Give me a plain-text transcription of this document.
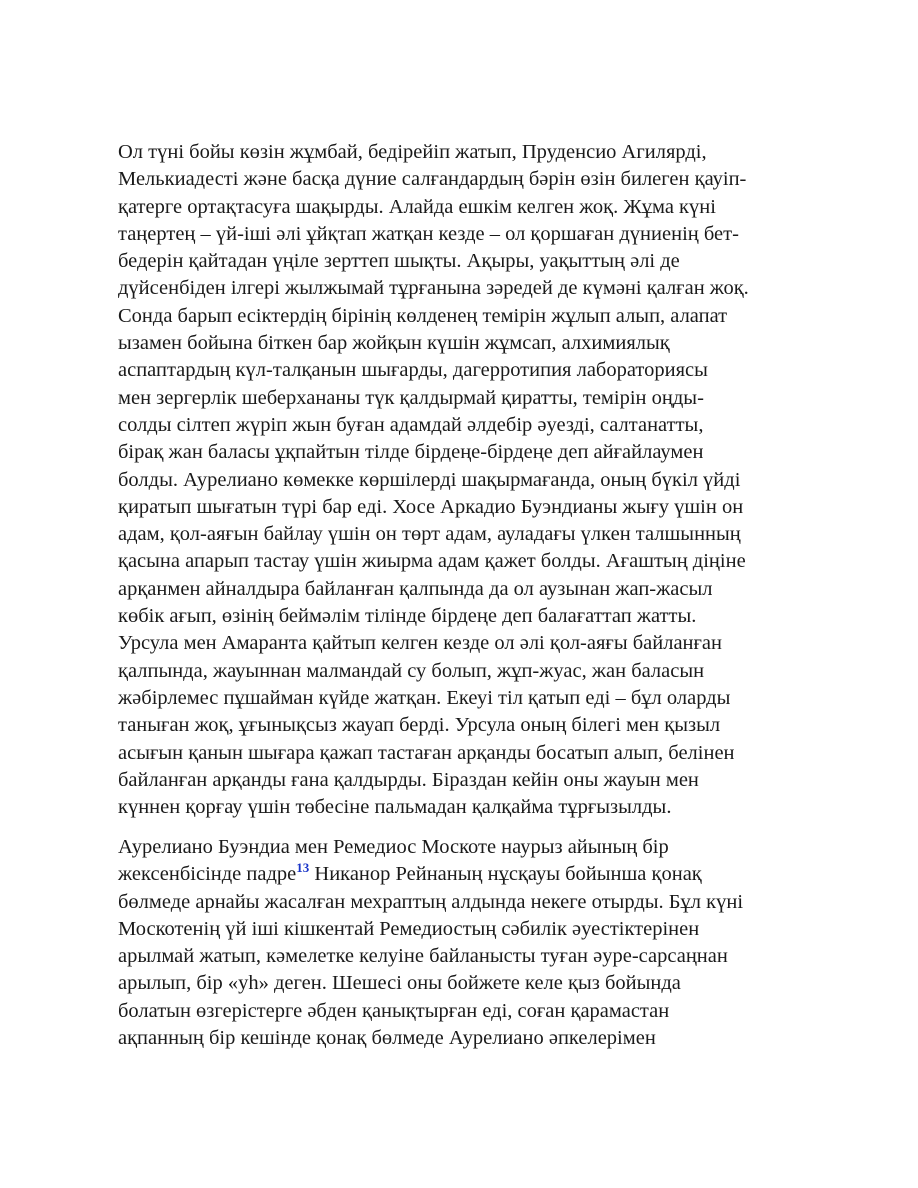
Ол түні бойы көзін жұмбай, бедірейіп жатып, Пруденсио Агилярді,
Мелькиадесті және басқа дүние салғандардың бәрін өзін билеген қауіп-
қатерге ортақтасуға шақырды. Алайда ешкім келген жоқ. Жұма күні
таңертең – үй-іші әлі ұйқтап жатқан кезде – ол қоршаған дүниенің бет-
бедерін қайтадан үңіле зерттеп шықты. Ақыры, уақыттың әлі де
дүйсенбіден ілгері жылжымай тұрғанына зәредей де күмәні қалған жоқ.
Сонда барып есіктердің бірінің көлденең темірін жұлып алып, алапат
ызамен бойына біткен бар жойқын күшін жұмсап, алхимиялық
аспаптардың күл-талқанын шығарды, дагерротипия лабораториясы
мен зергерлік шеберхананы түк қалдырмай қиратты, темірін оңды-
солды сілтеп жүріп жын буған адамдай әлдебір әуезді, салтанатты,
бірақ жан баласы ұқпайтын тілде бірдеңе-бірдеңе деп айғайлаумен
болды. Аурелиано көмекке көршілерді шақырмағанда, оның бүкіл үйді
қиратып шығатын түрі бар еді. Хосе Аркадио Буэндианы жығу үшін он
адам, қол-аяғын байлау үшін он төрт адам, ауладағы үлкен талшынның
қасына апарып тастау үшін жиырма адам қажет болды. Ағаштың діңіне
арқанмен айналдыра байланған қалпында да ол аузынан жап-жасыл
көбік ағып, өзінің беймәлім тілінде бірдеңе деп балағаттап жатты.
Урсула мен Амаранта қайтып келген кезде ол әлі қол-аяғы байланған
қалпында, жауыннан малмандай су болып, жұп-жуас, жан баласын
жәбірлемес пұшайман күйде жатқан. Екеуі тіл қатып еді – бұл оларды
таныған жоқ, ұғынықсыз жауап берді. Урсула оның білегі мен қызыл
асығын қанын шығара қажап тастаған арқанды босатып алып, белінен
байланған арқанды ғана қалдырды. Біраздан кейін оны жауын мен
күннен қорғау үшін төбесіне пальмадан қалқайма тұрғызылды.
Аурелиано Буэндиа мен Ремедиос Москоте наурыз айының бір
жексенбісінде падре$^{13}$ Никанор Рейнаның нұсқауы бойынша қонақ
бөлмеде арнайы жасалған мехраптың алдында некеге отырды. Бұл күні
Москотенің үй іші кішкентай Ремедиостың сәбилік әуестіктерінен
арылмай жатып, кәмелетке келуіне байланысты туған әуре-сарсаңнан
арылып, бір «уһ» деген. Шешесі оны бойжете келе қыз бойында
болатын өзгерістерге әбден қанықтырған еді, соған қарамастан
ақпанның бір кешінде қонақ бөлмеде Аурелиано әпкелерімен
